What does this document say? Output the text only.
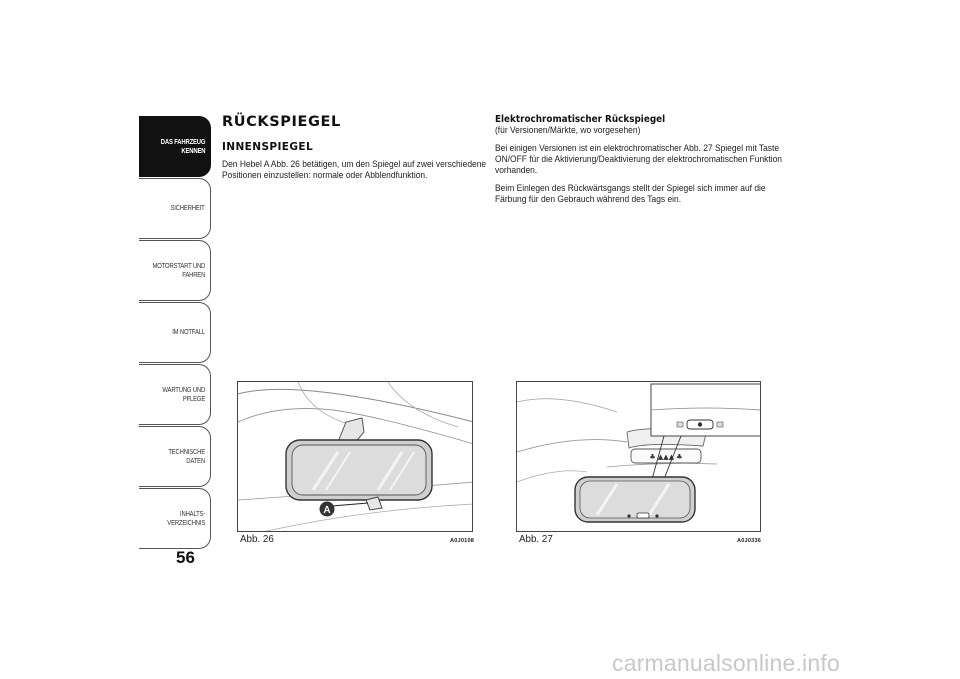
DAS FAHRZEUG
KENNEN
SICHERHEIT
MOTORSTART UND
FAHREN
IM NOTFALL
WARTUNG UND
PFLEGE
TECHNISCHE DATEN
INHALTS-
VERZEICHNIS
56
RÜCKSPIEGEL
INNENSPIEGEL
Den Hebel A Abb. 26 betätigen, um den Spiegel auf zwei verschiedene Positionen einzustellen: normale oder Abblendfunktion.
Elektrochromatischer Rückspiegel
(für Versionen/Märkte, wo vorgesehen)
Bei einigen Versionen ist ein elektrochromatischer Abb. 27 Spiegel mit Taste ON/OFF für die Aktivierung/Deaktivierung der elektrochromatischen Funktion vorhanden.
Beim Einlegen des Rückwärtsgangs stellt der Spiegel sich immer auf die Färbung für den Gebrauch während des Tags ein.
A
Abb. 26	A0J0108
♣ ▲▲▲ ♣
Abb. 27	A0J0336
carmanualsonline.info
